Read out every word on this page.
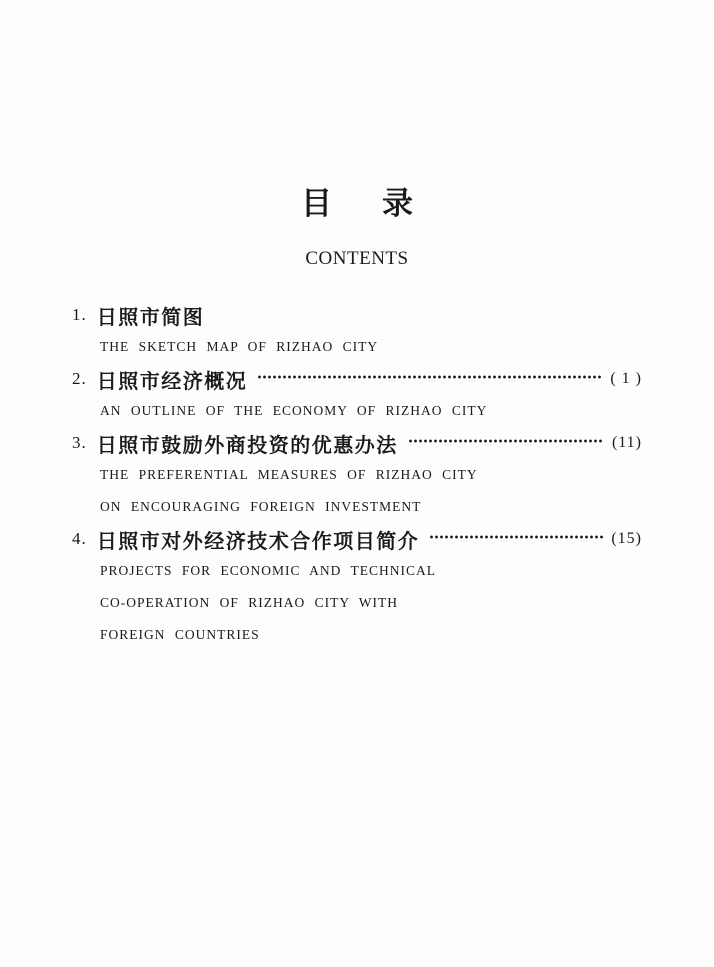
目 录
CONTENTS
1. 日照市简图
THE SKETCH MAP OF RIZHAO CITY
2. 日照市经济概况	( 1 )
AN OUTLINE OF THE ECONOMY OF RIZHAO CITY
3. 日照市鼓励外商投资的优惠办法	(11)
THE PREFERENTIAL MEASURES OF RIZHAO CITY
ON ENCOURAGING FOREIGN INVESTMENT
4. 日照市对外经济技术合作项目简介	(15)
PROJECTS FOR ECONOMIC AND TECHNICAL
CO-OPERATION OF RIZHAO CITY WITH
FOREIGN COUNTRIES
